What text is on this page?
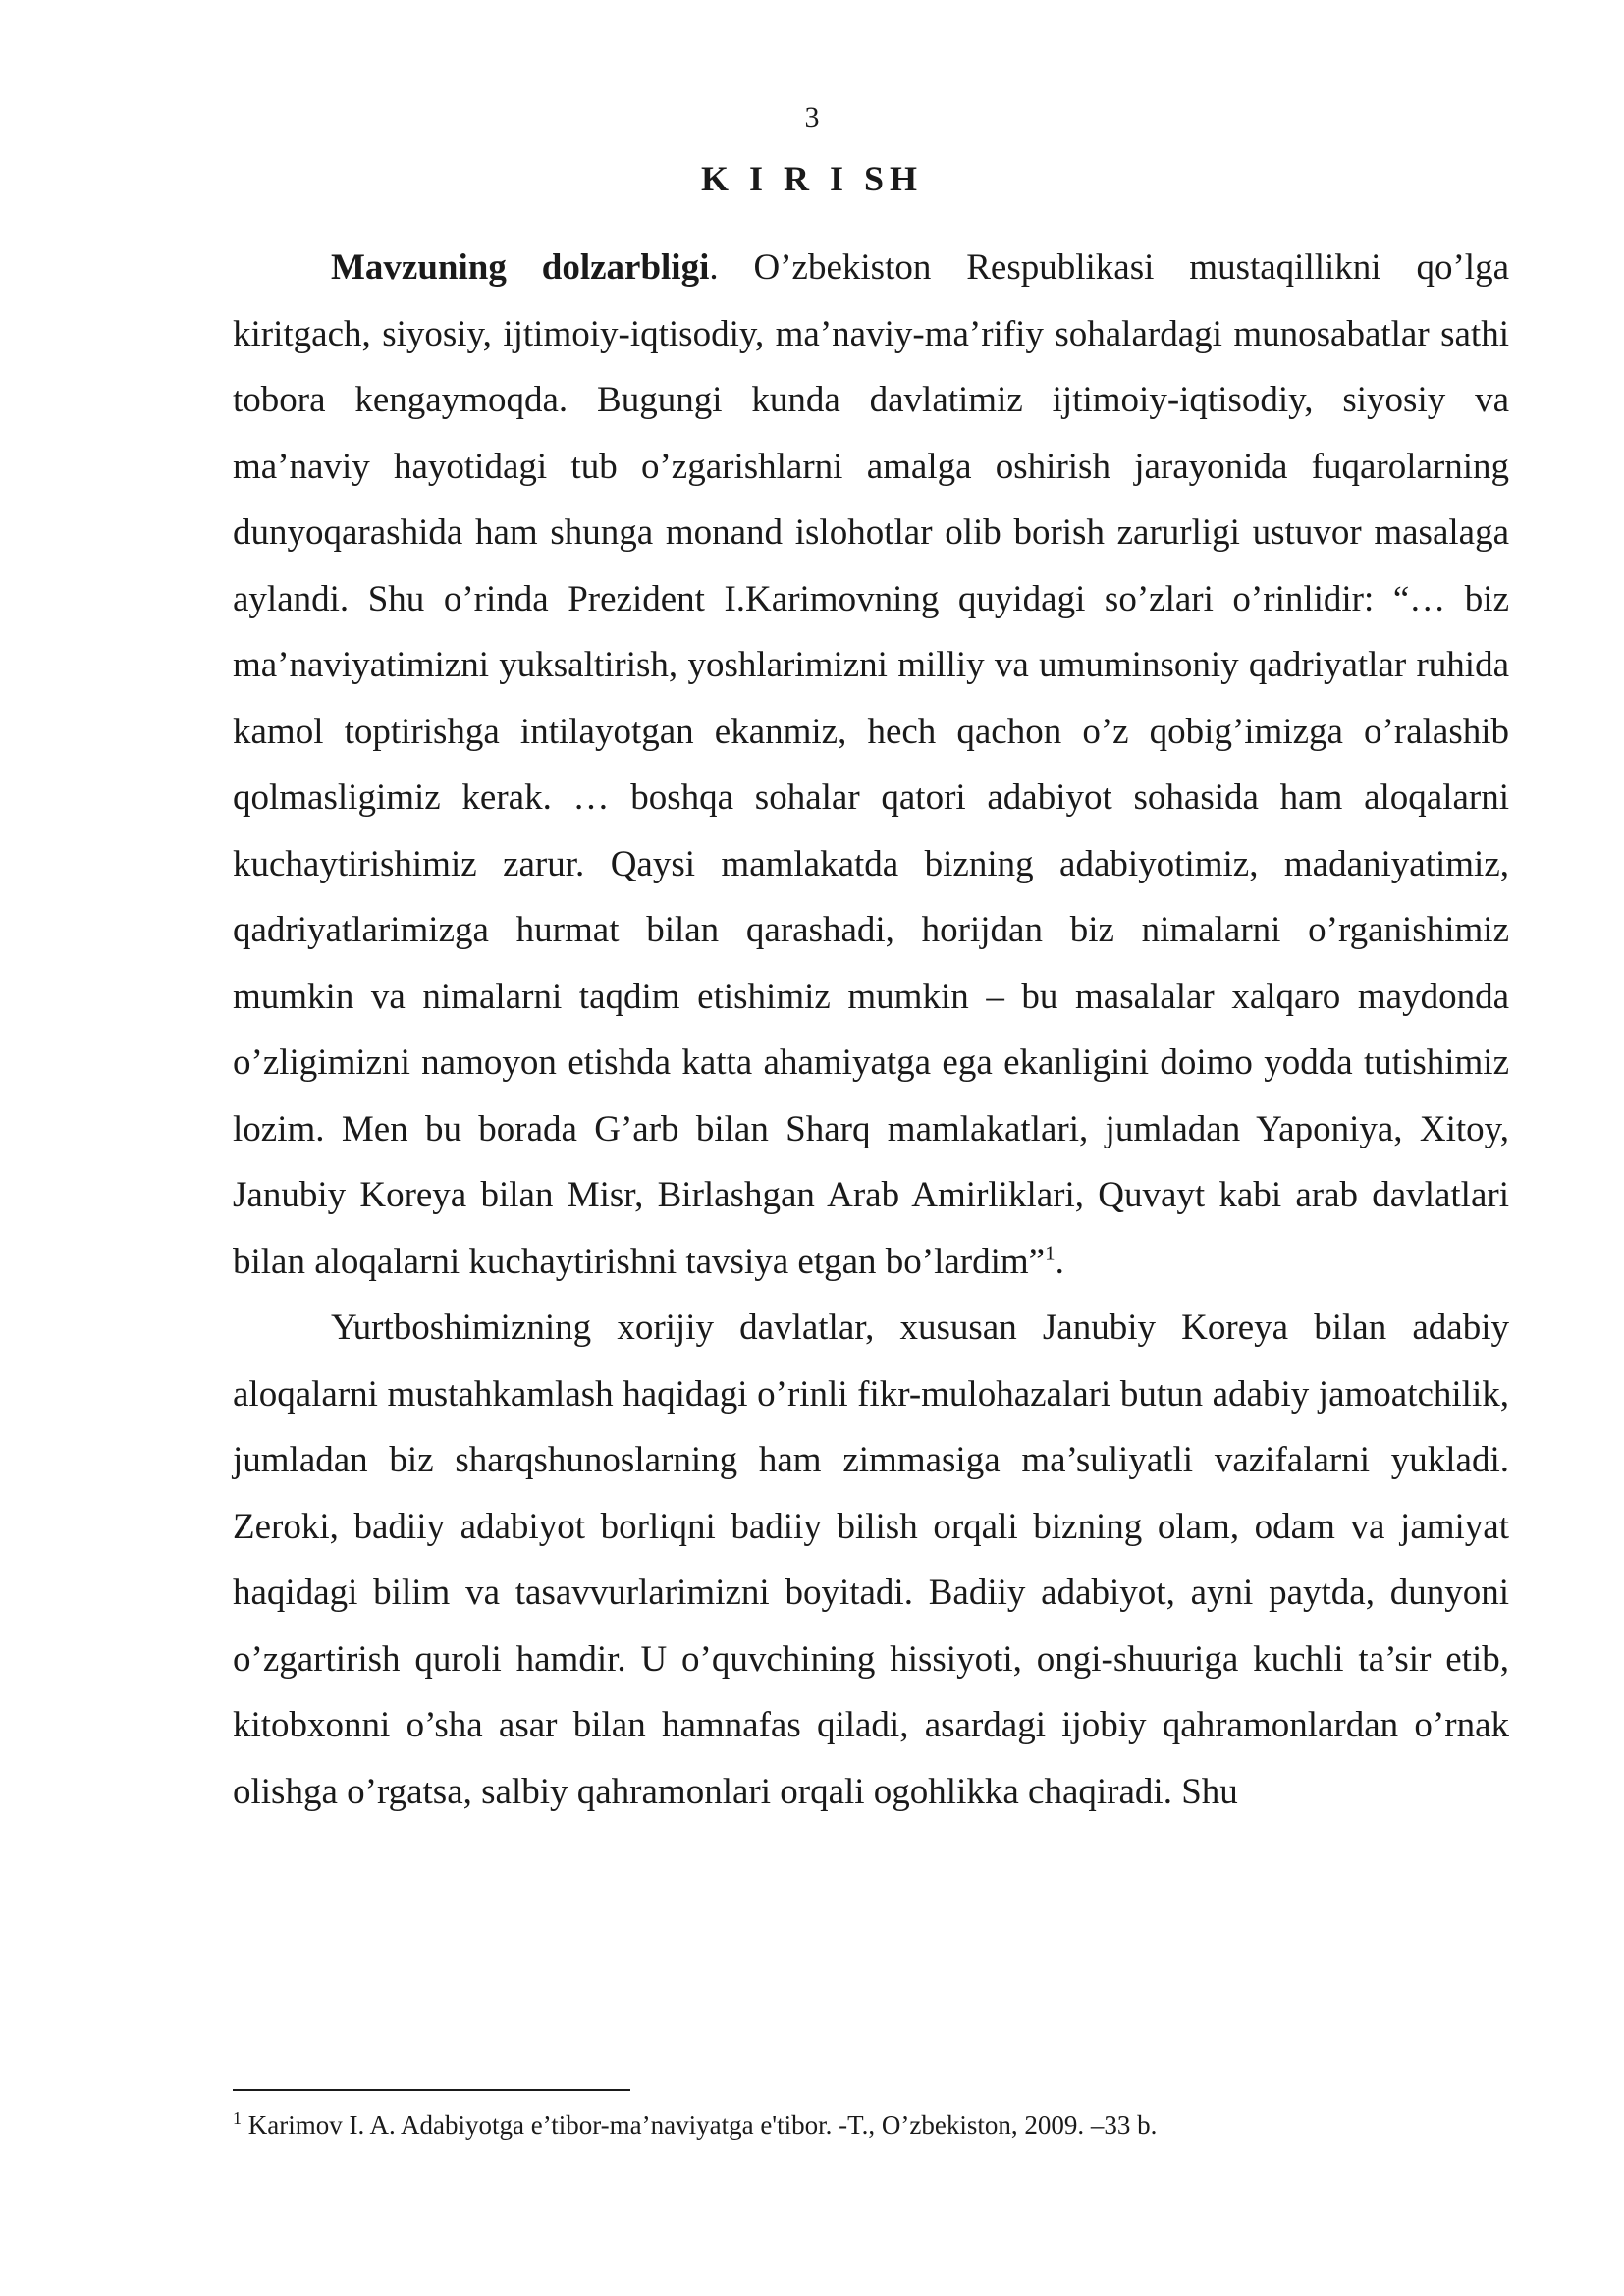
3
K I R I SH

Mavzuning dolzarbligi. O’zbekiston Respublikasi mustaqillikni qo’lga kiritgach, siyosiy, ijtimoiy-iqtisodiy, ma’naviy-ma’rifiy sohalardagi munosabatlar sathi tobora kengaymoqda. Bugungi kunda davlatimiz ijtimoiy-iqtisodiy, siyosiy va ma’naviy hayotidagi tub o’zgarishlarni amalga oshirish jarayonida fuqarolarning dunyoqarashida ham shunga monand islohotlar olib borish zarurligi ustuvor masalaga aylandi. Shu o’rinda Prezident I.Karimovning quyidagi so’zlari o’rinlidir: “… biz ma’naviyatimizni yuksaltirish, yoshlarimizni milliy va umuminsoniy qadriyatlar ruhida kamol toptirishga intilayotgan ekanmiz, hech qachon o’z qobig’imizga o’ralashib qolmasligimiz kerak. … boshqa sohalar qatori adabiyot sohasida ham aloqalarni kuchaytirishimiz zarur. Qaysi mamlakatda bizning adabiyotimiz, madaniyatimiz, qadriyatlarimizga hurmat bilan qarashadi, horijdan biz nimalarni o’rganishimiz mumkin va nimalarni taqdim etishimiz mumkin – bu masalalar xalqaro maydonda o’zligimizni namoyon etishda katta ahamiyatga ega ekanligini doimo yodda tutishimiz lozim. Men bu borada G’arb bilan Sharq mamlakatlari, jumladan Yaponiya, Xitoy, Janubiy Koreya bilan Misr, Birlashgan Arab Amirliklari, Quvayt kabi arab davlatlari bilan aloqalarni kuchaytirishni tavsiya etgan bo’lardim”$^1$.

Yurtboshimizning xorijiy davlatlar, xususan Janubiy Koreya bilan adabiy aloqalarni mustahkamlash haqidagi o’rinli fikr-mulohazalari butun adabiy jamoatchilik, jumladan biz sharqshunoslarning ham zimmasiga ma’suliyatli vazifalarni yukladi. Zeroki, badiiy adabiyot borliqni badiiy bilish orqali bizning olam, odam va jamiyat haqidagi bilim va tasavvurlarimizni boyitadi. Badiiy adabiyot, ayni paytda, dunyoni o’zgartirish quroli hamdir. U o’quvchining hissiyoti, ongi-shuuriga kuchli ta’sir etib, kitobxonni o’sha asar bilan hamnafas qiladi, asardagi ijobiy qahramonlardan o’rnak olishga o’rgatsa, salbiy qahramonlari orqali ogohlikka chaqiradi. Shu

$^1$ Karimov I. A. Adabiyotga e’tibor-ma’naviyatga e'tibor. -T., O’zbekiston, 2009. –33 b.
